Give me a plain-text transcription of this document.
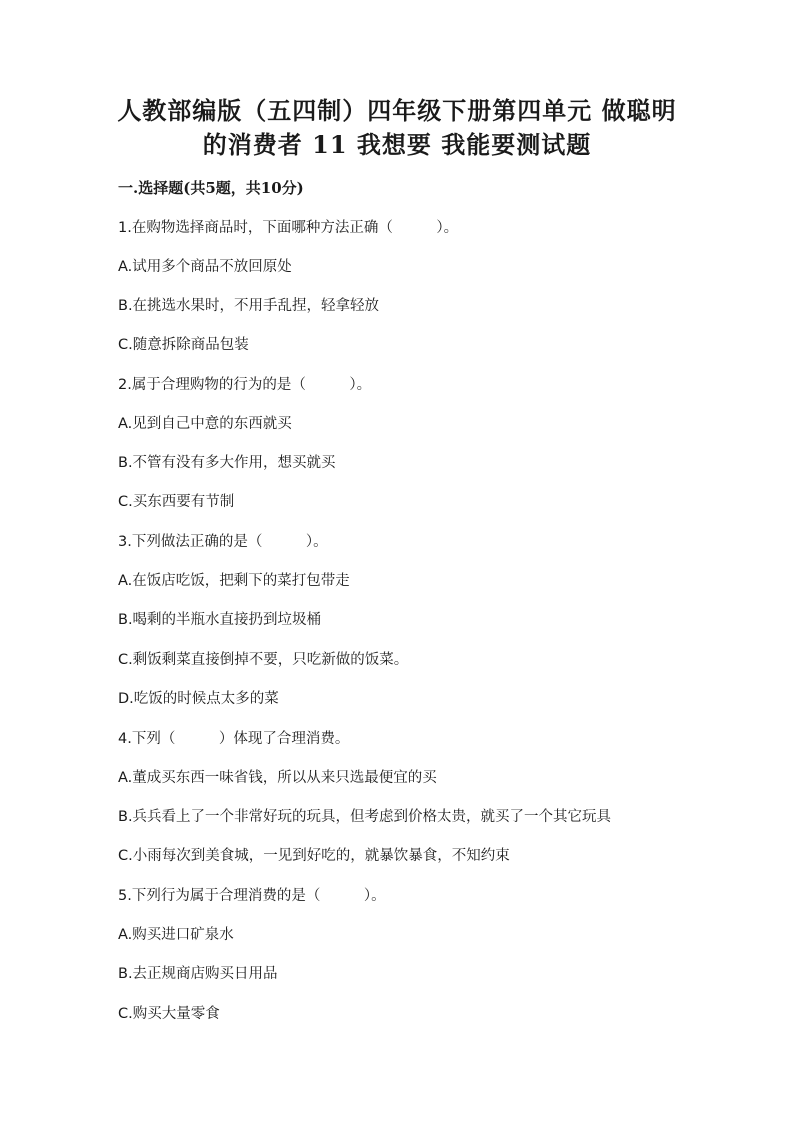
人教部编版（五四制）四年级下册第四单元 做聪明
的消费者 11 我想要 我能要测试题
一.选择题(共5题，共10分)
1.在购物选择商品时，下面哪种方法正确（　　　）。
A.试用多个商品不放回原处
B.在挑选水果时，不用手乱捏，轻拿轻放
C.随意拆除商品包装
2.属于合理购物的行为的是（　　　）。
A.见到自己中意的东西就买
B.不管有没有多大作用，想买就买
C.买东西要有节制
3.下列做法正确的是（　　　）。
A.在饭店吃饭，把剩下的菜打包带走
B.喝剩的半瓶水直接扔到垃圾桶
C.剩饭剩菜直接倒掉不要，只吃新做的饭菜。
D.吃饭的时候点太多的菜
4.下列（　　　）体现了合理消费。
A.董成买东西一味省钱，所以从来只选最便宜的买
B.兵兵看上了一个非常好玩的玩具，但考虑到价格太贵，就买了一个其它玩具
C.小雨每次到美食城，一见到好吃的，就暴饮暴食，不知约束
5.下列行为属于合理消费的是（　　　）。
A.购买进口矿泉水
B.去正规商店购买日用品
C.购买大量零食
